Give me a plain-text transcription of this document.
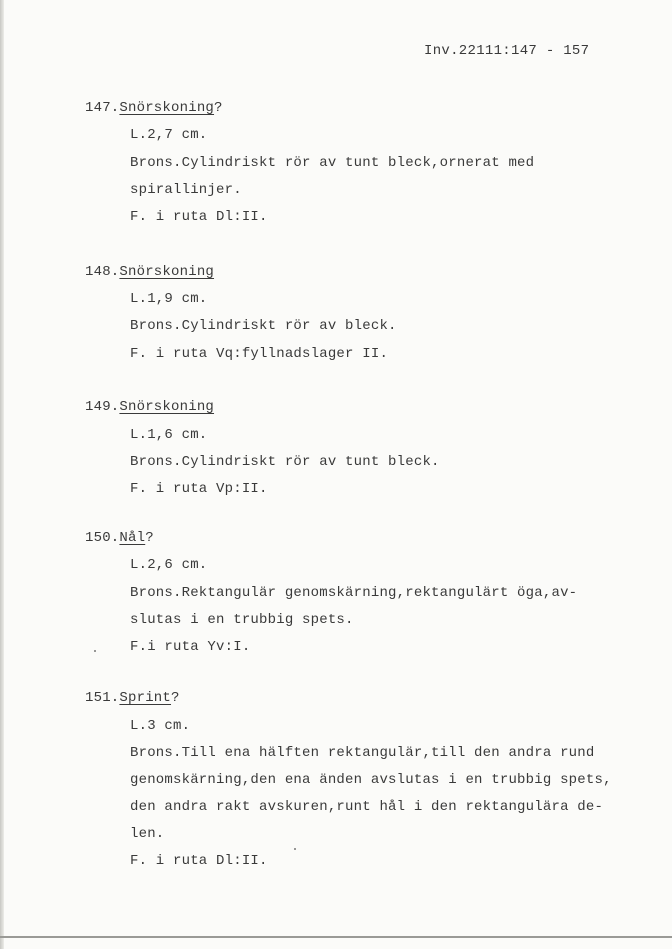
Inv.22111:147 - 157
147.Snörskoning?
L.2,7 cm.
Brons.Cylindriskt rör av tunt bleck,ornerat med
spirallinjer.
F. i ruta Dl:II.
148.Snörskoning
L.1,9 cm.
Brons.Cylindriskt rör av bleck.
F. i ruta Vq:fyllnadslager II.
149.Snörskoning
L.1,6 cm.
Brons.Cylindriskt rör av tunt bleck.
F. i ruta Vp:II.
150.Nål?
L.2,6 cm.
Brons.Rektangulär genomskärning,rektangulärt öga,av-
slutas i en trubbig spets.
F.i ruta Yv:I.
151.Sprint?
L.3 cm.
Brons.Till ena hälften rektangulär,till den andra rund
genomskärning,den ena änden avslutas i en trubbig spets,
den andra rakt avskuren,runt hål i den rektangulära de-
len.
F. i ruta Dl:II.
